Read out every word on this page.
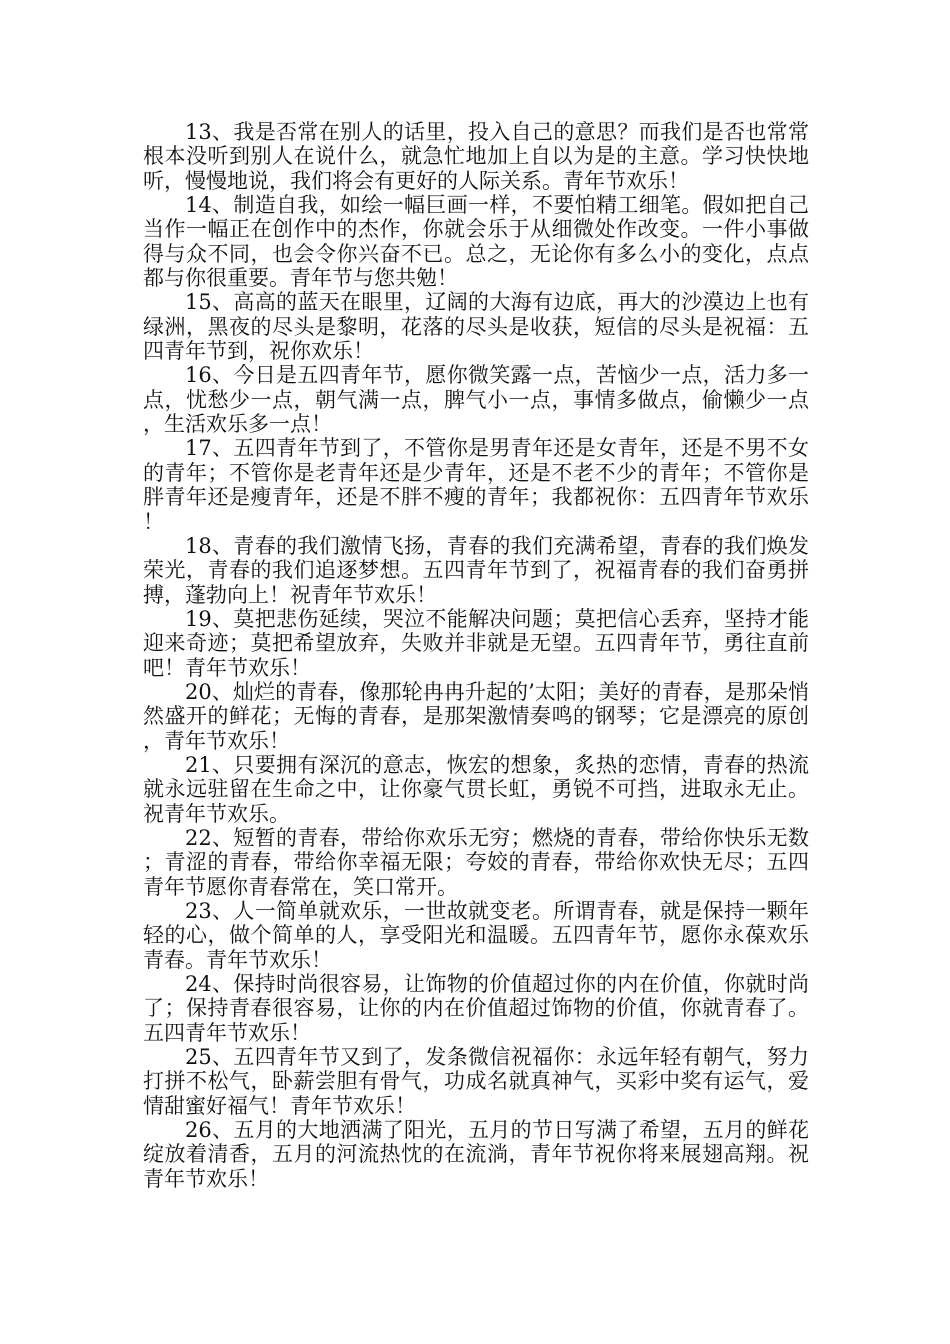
13、我是否常在别人的话里，投入自己的意思？而我们是否也常常根本没听到别人在说什么，就急忙地加上自以为是的主意。学习快快地听，慢慢地说，我们将会有更好的人际关系。青年节欢乐！

14、制造自我，如绘一幅巨画一样，不要怕精工细笔。假如把自己当作一幅正在创作中的杰作，你就会乐于从细微处作改变。一件小事做得与众不同，也会令你兴奋不已。总之，无论你有多么小的变化，点点都与你很重要。青年节与您共勉！

15、高高的蓝天在眼里，辽阔的大海有边底，再大的沙漠边上也有绿洲，黑夜的尽头是黎明，花落的尽头是收获，短信的尽头是祝福：五四青年节到，祝你欢乐！

16、今日是五四青年节，愿你微笑露一点，苦恼少一点，活力多一点，忧愁少一点，朝气满一点，脾气小一点，事情多做点，偷懒少一点，生活欢乐多一点！

17、五四青年节到了，不管你是男青年还是女青年，还是不男不女的青年；不管你是老青年还是少青年，还是不老不少的青年；不管你是胖青年还是瘦青年，还是不胖不瘦的青年；我都祝你：五四青年节欢乐！

18、青春的我们激情飞扬，青春的我们充满希望，青春的我们焕发荣光，青春的我们追逐梦想。五四青年节到了，祝福青春的我们奋勇拼搏，蓬勃向上！祝青年节欢乐！

19、莫把悲伤延续，哭泣不能解决问题；莫把信心丢弃，坚持才能迎来奇迹；莫把希望放弃，失败并非就是无望。五四青年节，勇往直前吧！青年节欢乐！

20、灿烂的青春，像那轮冉冉升起的’太阳；美好的青春，是那朵悄然盛开的鲜花；无悔的青春，是那架激情奏鸣的钢琴；它是漂亮的原创，青年节欢乐！

21、只要拥有深沉的意志，恢宏的想象，炙热的恋情，青春的热流就永远驻留在生命之中，让你豪气贯长虹，勇锐不可挡，进取永无止。祝青年节欢乐。

22、短暂的青春，带给你欢乐无穷；燃烧的青春，带给你快乐无数；青涩的青春，带给你幸福无限；夸姣的青春，带给你欢快无尽；五四青年节愿你青春常在，笑口常开。

23、人一简单就欢乐，一世故就变老。所谓青春，就是保持一颗年轻的心，做个简单的人，享受阳光和温暖。五四青年节，愿你永葆欢乐青春。青年节欢乐！

24、保持时尚很容易，让饰物的价值超过你的内在价值，你就时尚了；保持青春很容易，让你的内在价值超过饰物的价值，你就青春了。五四青年节欢乐！

25、五四青年节又到了，发条微信祝福你：永远年轻有朝气，努力打拼不松气，卧薪尝胆有骨气，功成名就真神气，买彩中奖有运气，爱情甜蜜好福气！青年节欢乐！

26、五月的大地洒满了阳光，五月的节日写满了希望，五月的鲜花绽放着清香，五月的河流热忱的在流淌，青年节祝你将来展翅高翔。祝青年节欢乐！
